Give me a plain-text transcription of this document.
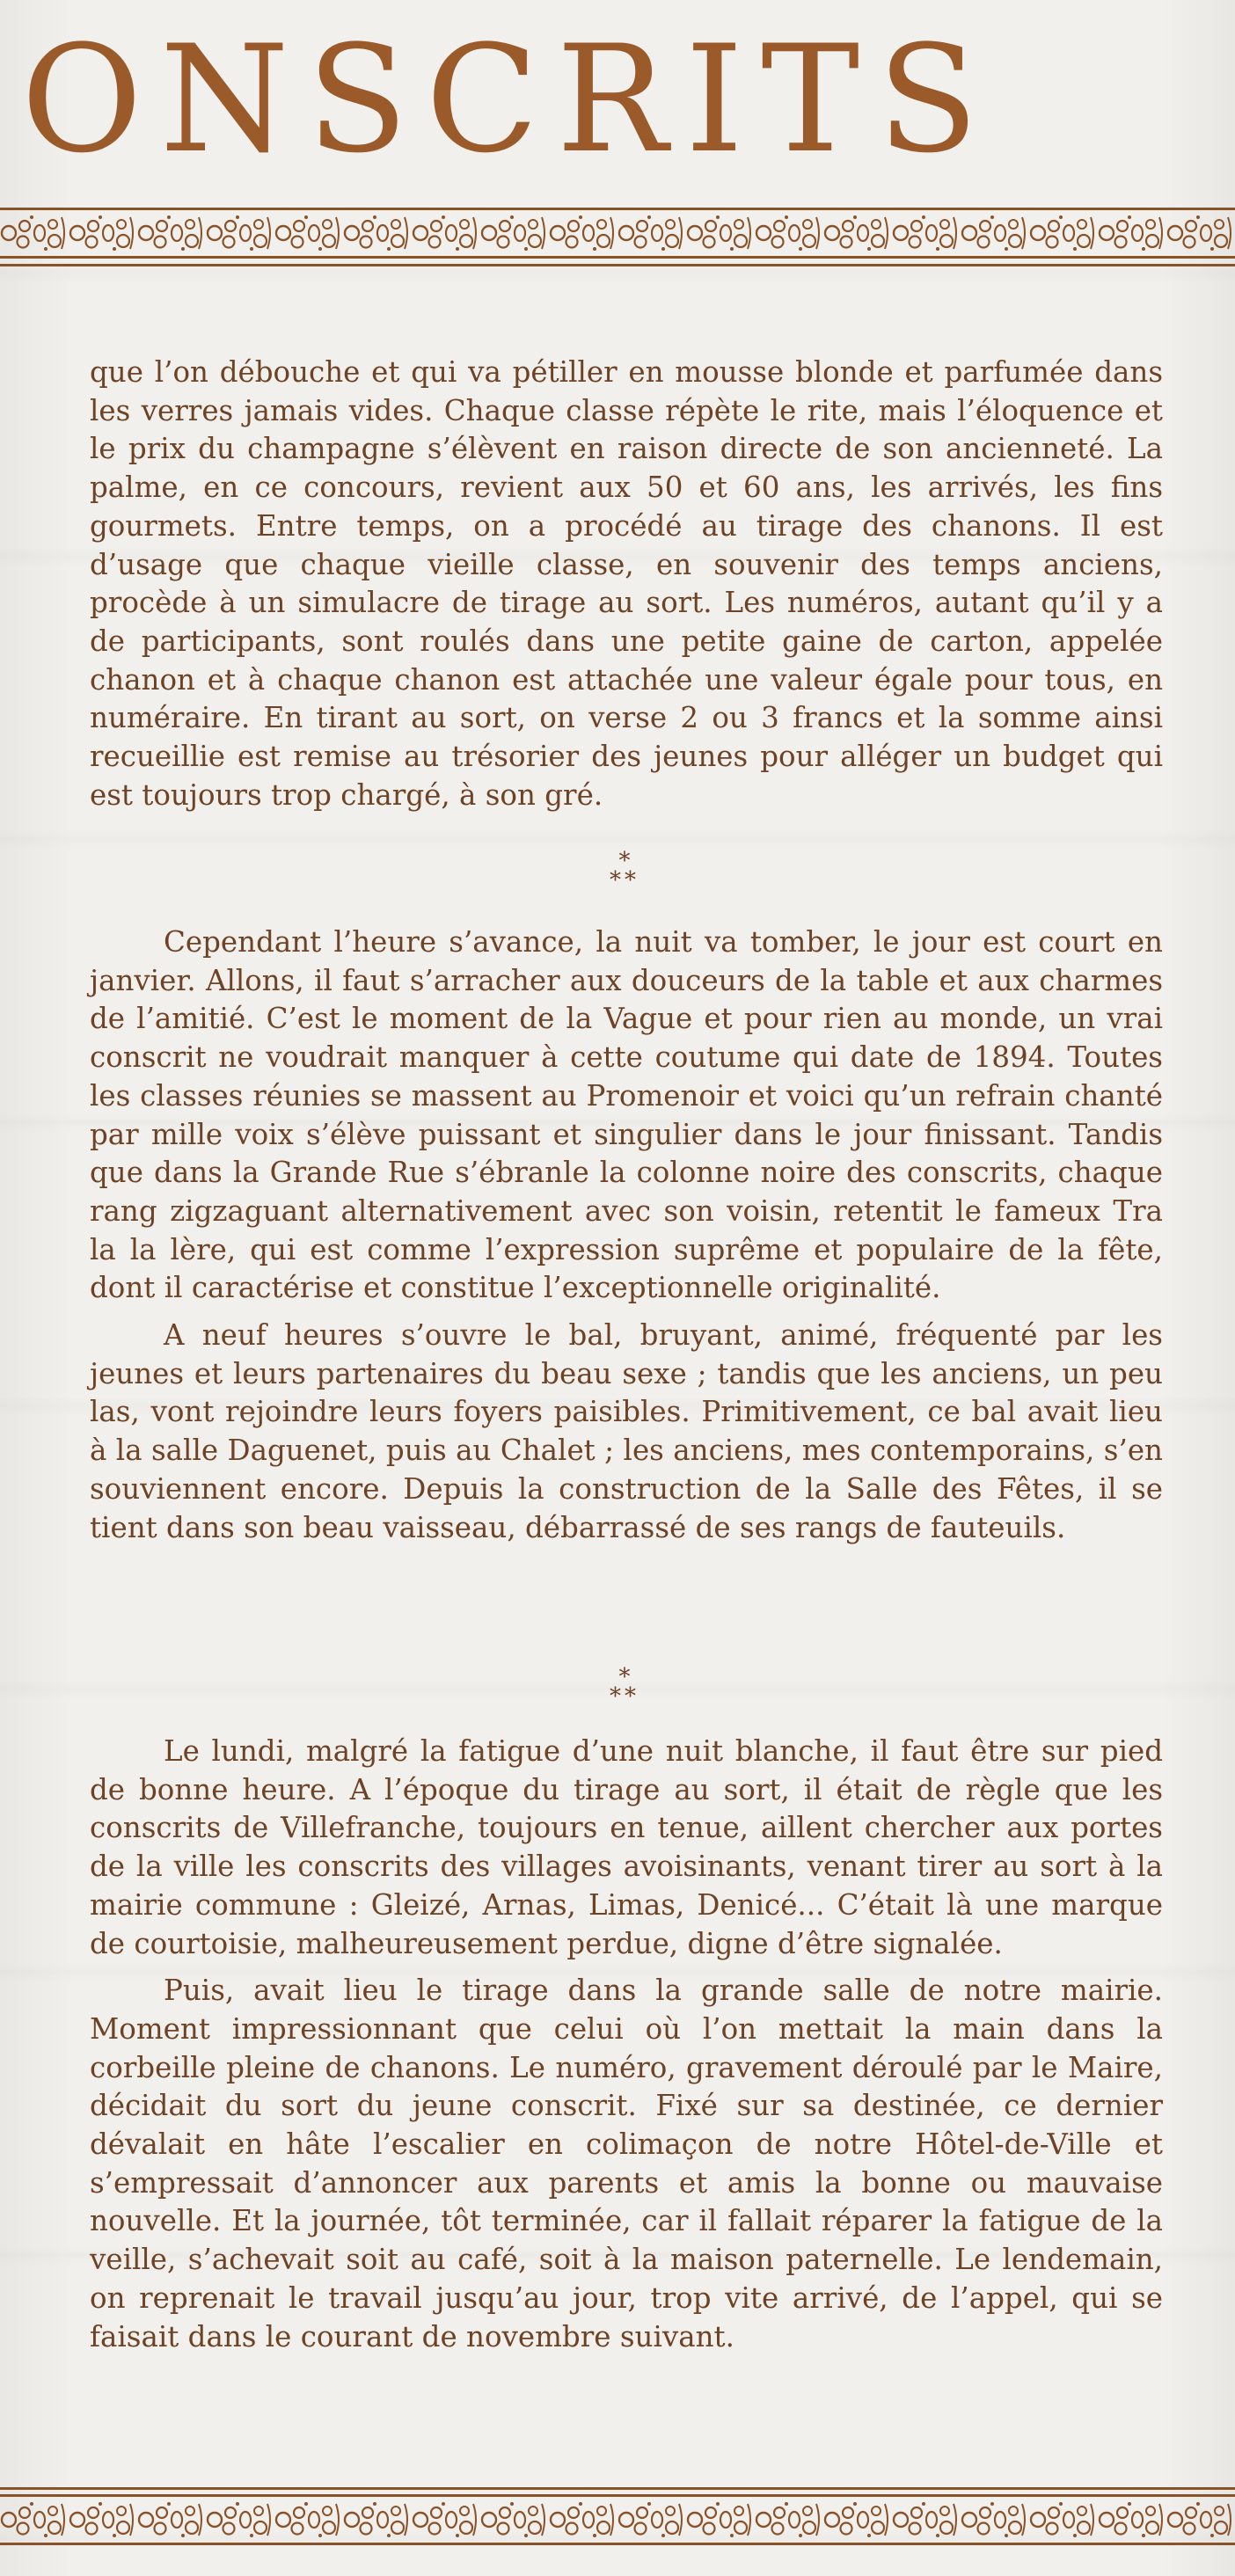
ONSCRITS

que l’on débouche et qui va pétiller en mousse blonde et parfumée dans les verres jamais vides. Chaque classe répète le rite, mais l’éloquence et le prix du champagne s’élèvent en raison directe de son ancienneté. La palme, en ce concours, revient aux 50 et 60 ans, les arrivés, les fins gourmets. Entre temps, on a procédé au tirage des chanons. Il est d’usage que chaque vieille classe, en souvenir des temps anciens, procède à un simulacre de tirage au sort. Les numéros, autant qu’il y a de participants, sont roulés dans une petite gaine de carton, appelée chanon et à chaque chanon est attachée une valeur égale pour tous, en numéraire. En tirant au sort, on verse 2 ou 3 francs et la somme ainsi recueillie est remise au trésorier des jeunes pour alléger un budget qui est toujours trop chargé, à son gré.

*
**

Cependant l’heure s’avance, la nuit va tomber, le jour est court en janvier. Allons, il faut s’arracher aux douceurs de la table et aux charmes de l’amitié. C’est le moment de la Vague et pour rien au monde, un vrai conscrit ne voudrait manquer à cette coutume qui date de 1894. Toutes les classes réunies se massent au Promenoir et voici qu’un refrain chanté par mille voix s’élève puissant et singulier dans le jour finissant. Tandis que dans la Grande Rue s’ébranle la colonne noire des conscrits, chaque rang zigzaguant alternativement avec son voisin, retentit le fameux Tra la la lère, qui est comme l’expression suprême et populaire de la fête, dont il caractérise et constitue l’exceptionnelle originalité.

A neuf heures s’ouvre le bal, bruyant, animé, fréquenté par les jeunes et leurs partenaires du beau sexe ; tandis que les anciens, un peu las, vont rejoindre leurs foyers paisibles. Primitivement, ce bal avait lieu à la salle Daguenet, puis au Chalet ; les anciens, mes contemporains, s’en souviennent encore. Depuis la construction de la Salle des Fêtes, il se tient dans son beau vaisseau, débarrassé de ses rangs de fauteuils.

*
**

Le lundi, malgré la fatigue d’une nuit blanche, il faut être sur pied de bonne heure. A l’époque du tirage au sort, il était de règle que les conscrits de Villefranche, toujours en tenue, aillent chercher aux portes de la ville les conscrits des villages avoisinants, venant tirer au sort à la mairie commune : Gleizé, Arnas, Limas, Denicé... C’était là une marque de courtoisie, malheureusement perdue, digne d’être signalée.

Puis, avait lieu le tirage dans la grande salle de notre mairie. Moment impressionnant que celui où l’on mettait la main dans la corbeille pleine de chanons. Le numéro, gravement déroulé par le Maire, décidait du sort du jeune conscrit. Fixé sur sa destinée, ce dernier dévalait en hâte l’escalier en colimaçon de notre Hôtel-de-Ville et s’empressait d’annoncer aux parents et amis la bonne ou mauvaise nouvelle. Et la journée, tôt terminée, car il fallait réparer la fatigue de la veille, s’achevait soit au café, soit à la maison paternelle. Le lendemain, on reprenait le travail jusqu’au jour, trop vite arrivé, de l’appel, qui se faisait dans le courant de novembre suivant.
